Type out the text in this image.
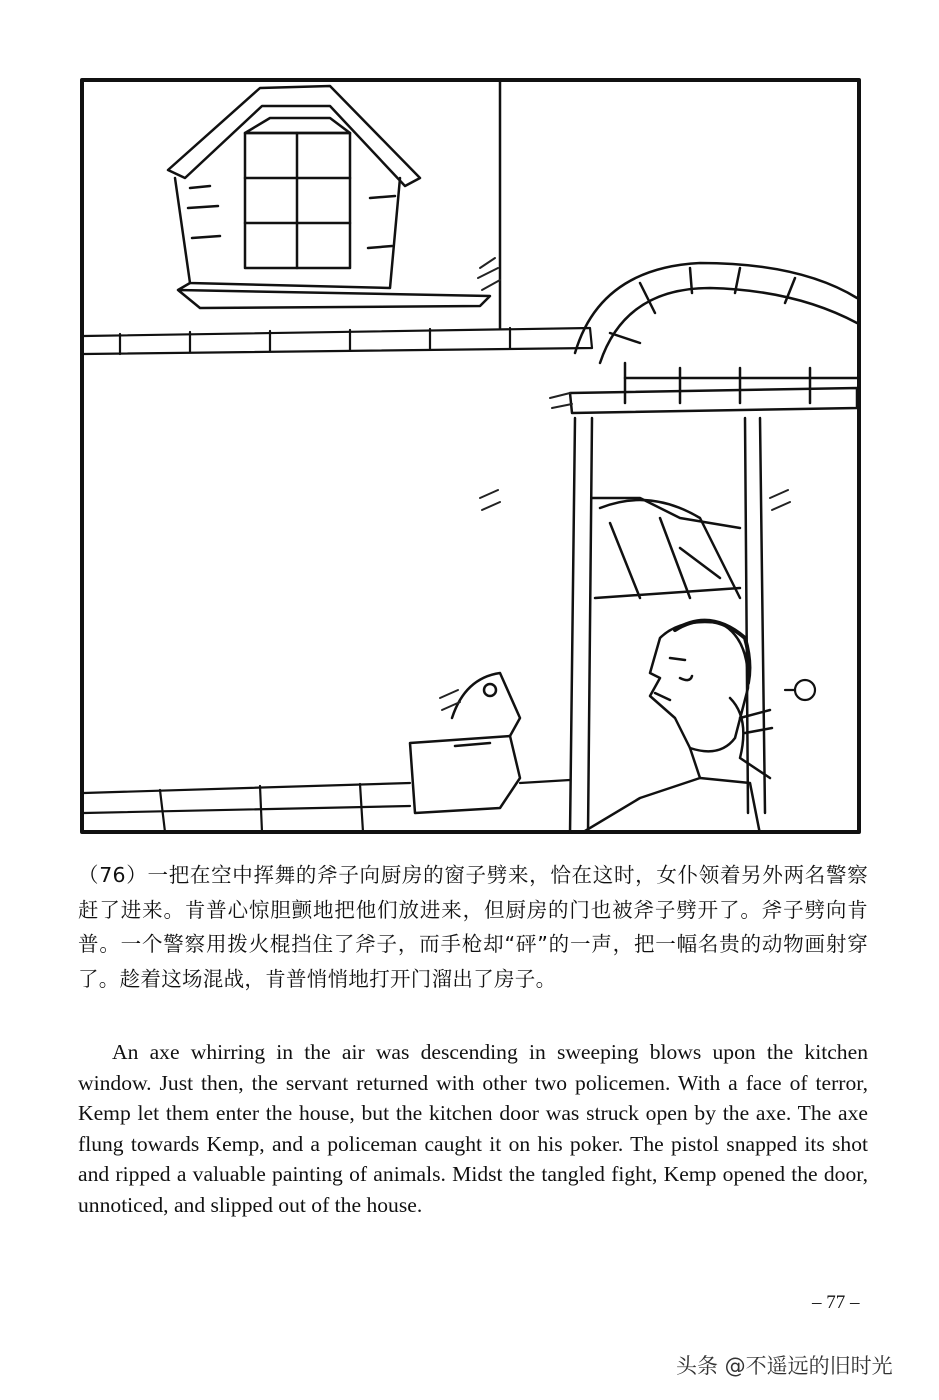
（76）一把在空中挥舞的斧子向厨房的窗子劈来，恰在这时，女仆领着另外两名警察赶了进来。肯普心惊胆颤地把他们放进来，但厨房的门也被斧子劈开了。斧子劈向肯普。一个警察用拨火棍挡住了斧子，而手枪却“砰”的一声，把一幅名贵的动物画射穿了。趁着这场混战，肯普悄悄地打开门溜出了房子。

An axe whirring in the air was descending in sweeping blows upon the kitchen window. Just then, the servant returned with other two policemen. With a face of terror, Kemp let them enter the house, but the kitchen door was struck open by the axe. The axe flung towards Kemp, and a policeman caught it on his poker. The pistol snapped its shot and ripped a valuable painting of animals. Midst the tangled fight, Kemp opened the door, unnoticed, and slipped out of the house.

– 77 –
头条 @不遥远的旧时光
